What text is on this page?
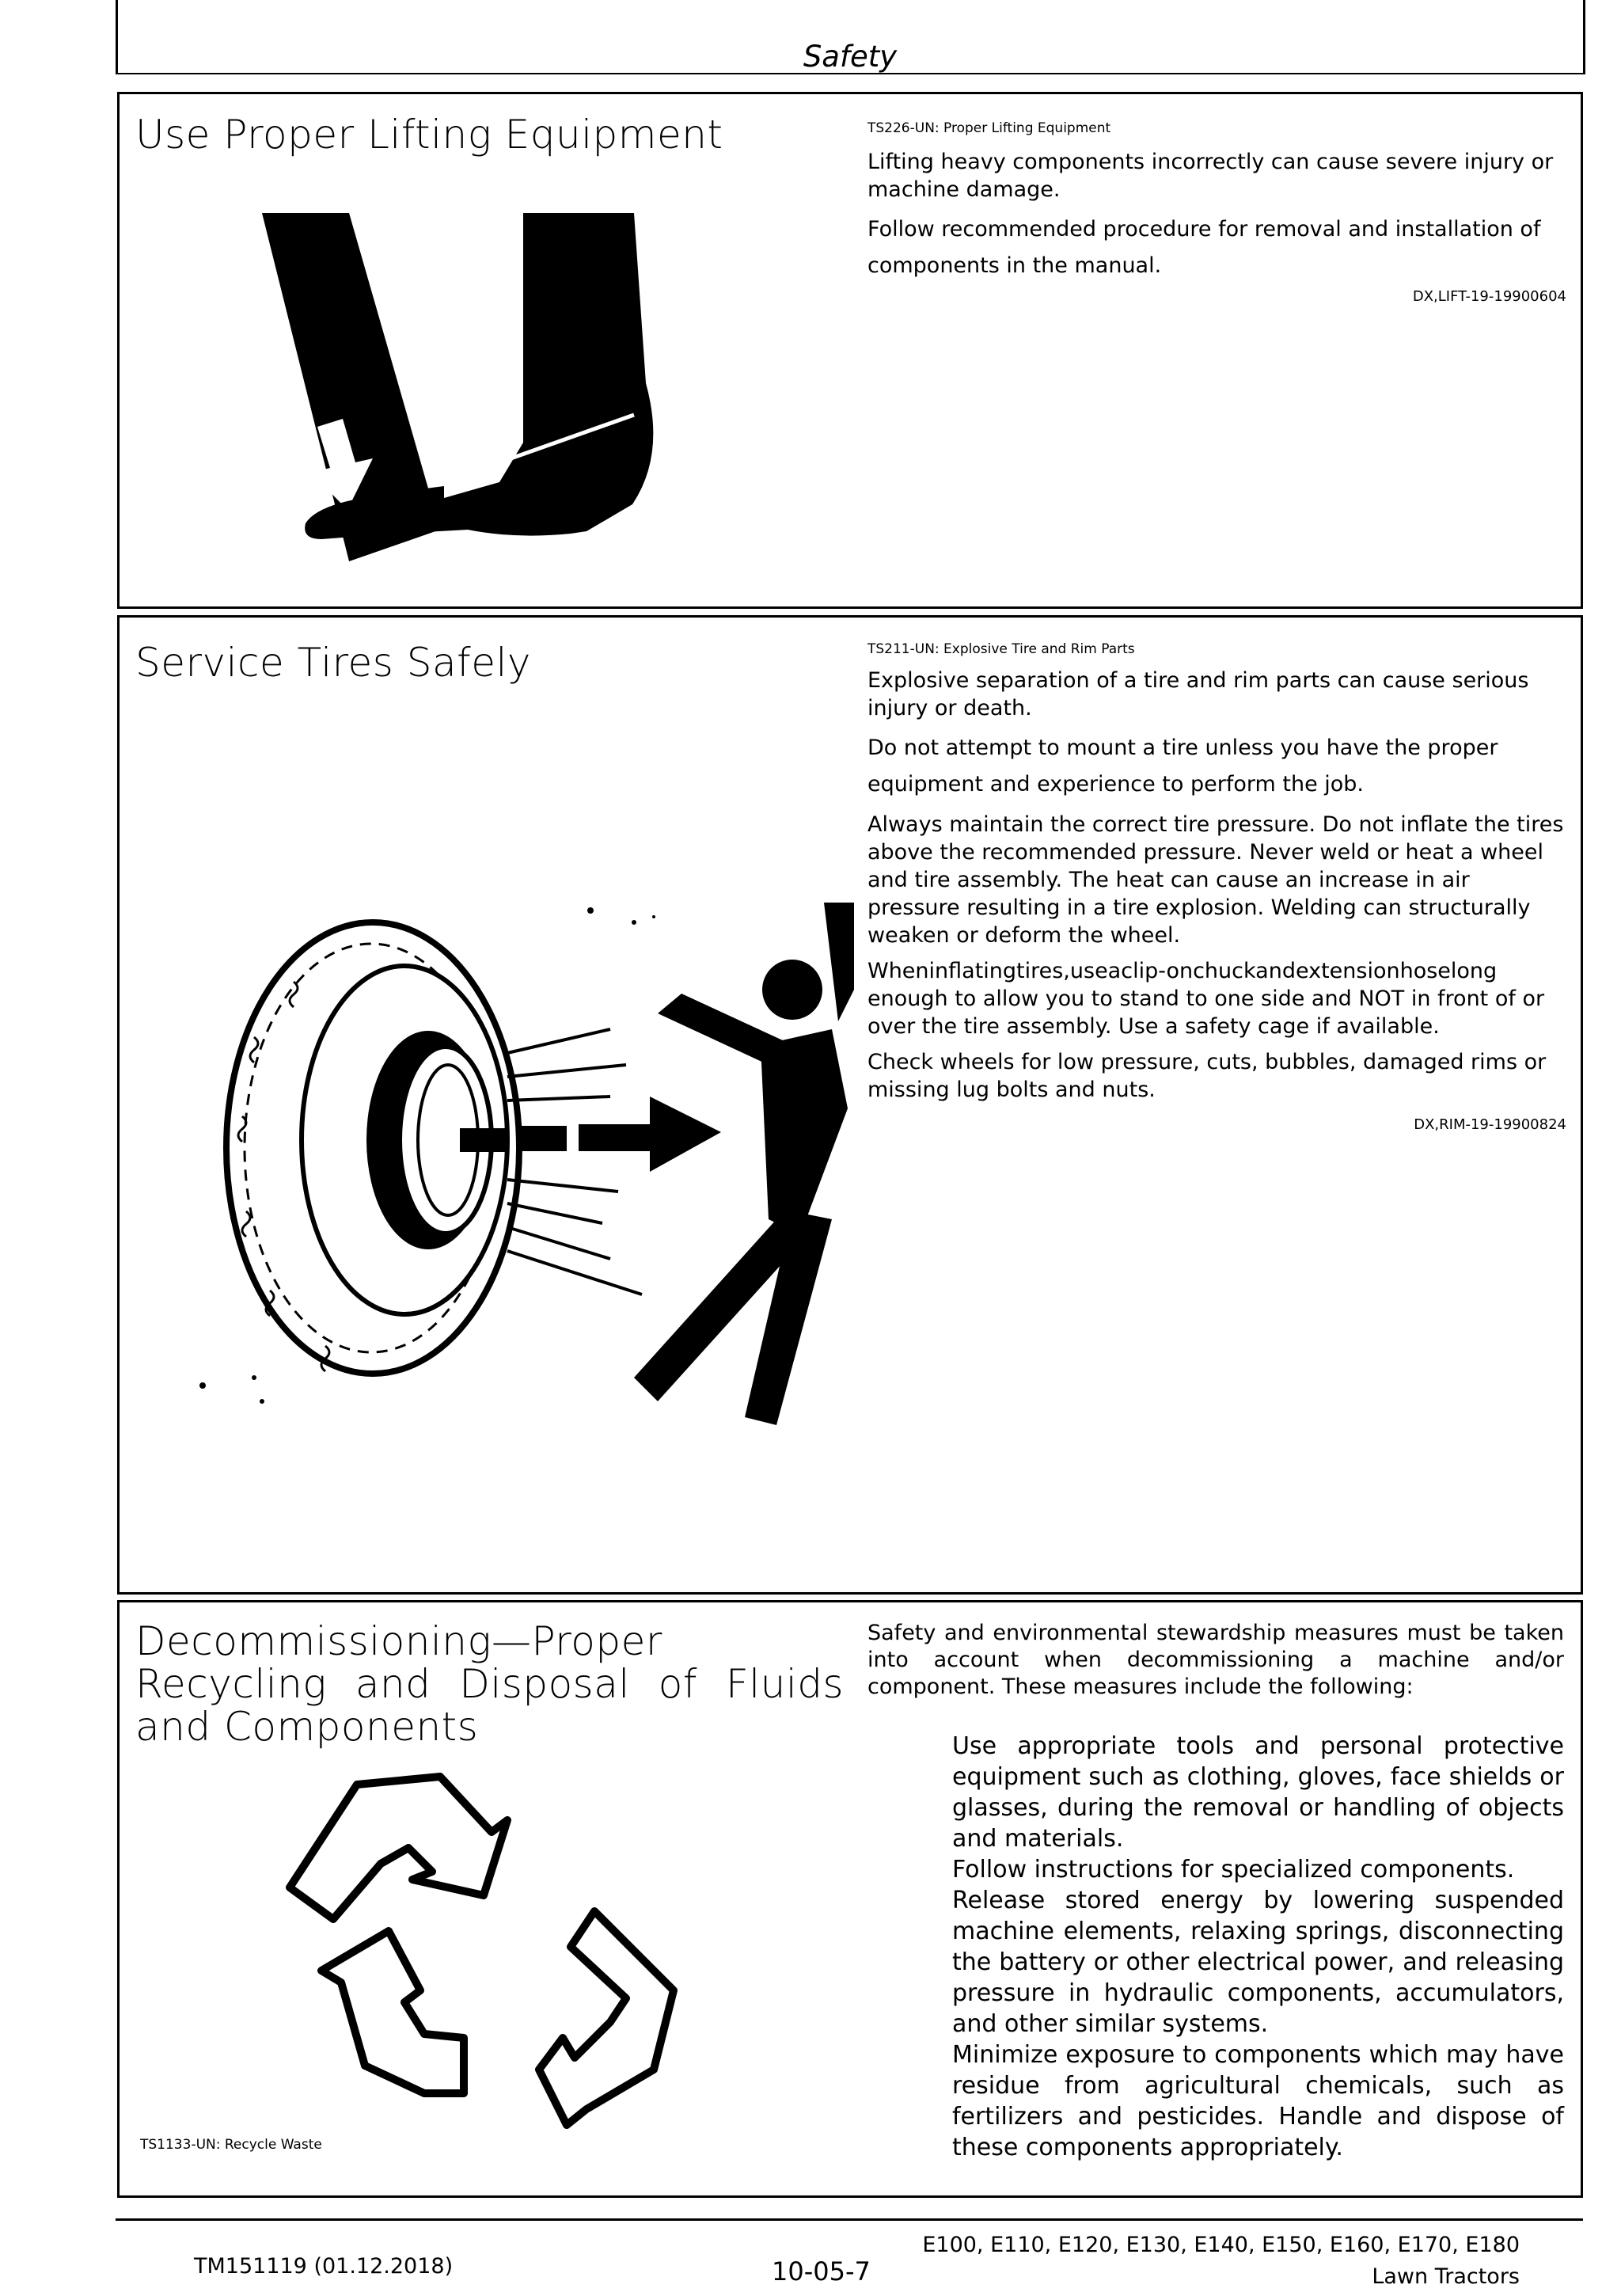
Safety
Use Proper Lifting Equipment	TS226-UN: Proper Lifting Equipment

Lifting heavy components incorrectly can cause severe injury or machine damage.

Follow recommended procedure for removal and installation of components in the manual.

DX,LIFT-19-19900604
Service Tires Safely	TS211-UN: Explosive Tire and Rim Parts

Explosive separation of a tire and rim parts can cause serious injury or death.

Do not attempt to mount a tire unless you have the proper equipment and experience to perform the job.

Always maintain the correct tire pressure. Do not inflate the tires above the recommended pressure. Never weld or heat a wheel and tire assembly. The heat can cause an increase in air pressure resulting in a tire explosion. Welding can structurally weaken or deform the wheel.

Wheninflatingtires,useaclip-onchuckandextensionhoselong enough to allow you to stand to one side and NOT in front of or over the tire assembly. Use a safety cage if available.

Check wheels for low pressure, cuts, bubbles, damaged rims or missing lug bolts and nuts.

DX,RIM-19-19900824
Decommissioning—Proper Recycling and Disposal of Fluids and Components
TS1133-UN: Recycle Waste
Safety and environmental stewardship measures must be taken into account when decommissioning a machine and/or component. These measures include the following:

Use appropriate tools and personal protective equipment such as clothing, gloves, face shields or glasses, during the removal or handling of objects and materials.

Follow instructions for specialized components.

Release stored energy by lowering suspended machine elements, relaxing springs, disconnecting the battery or other electrical power, and releasing pressure in hydraulic components, accumulators, and other similar systems.

Minimize exposure to components which may have residue from agricultural chemicals, such as fertilizers and pesticides. Handle and dispose of these components appropriately.

TM151119 (01.12.2018)	10-05-7
E100, E110, E120, E130, E140, E150, E160, E170, E180
Lawn Tractors
